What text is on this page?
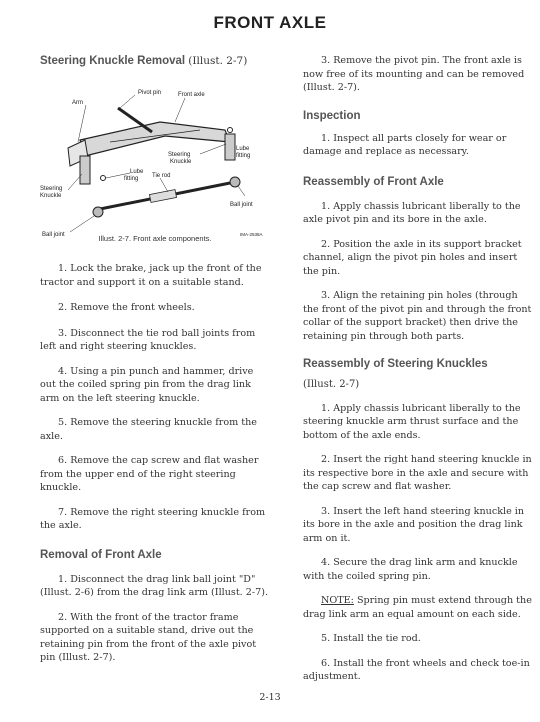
FRONT AXLE
Steering Knuckle Removal (Illust. 2-7)
Pivot pin	Front axle
Arm
Lube
fitting
Steering
Knuckle
Lube
fitting Tie rod
Steering
Knuckle
Ball joint
Ball joint	IMA-2538A
Illust. 2-7. Front axle components.

1. Lock the brake, jack up the front of the tractor and support it on a suitable stand.

2. Remove the front wheels.

3. Disconnect the tie rod ball joints from left and right steering knuckles.

4. Using a pin punch and hammer, drive out the coiled spring pin from the drag link arm on the left steering knuckle.

5. Remove the steering knuckle from the axle.

6. Remove the cap screw and flat washer from the upper end of the right steering knuckle.

7. Remove the right steering knuckle from the axle.

Removal of Front Axle

1. Disconnect the drag link ball joint "D" (Illust. 2-6) from the drag link arm (Illust. 2-7).

2. With the front of the tractor frame supported on a suitable stand, drive out the retaining pin from the front of the axle pivot pin (Illust. 2-7).

3. Remove the pivot pin. The front axle is now free of its mounting and can be removed (Illust. 2-7).

Inspection

1. Inspect all parts closely for wear or damage and replace as necessary.

Reassembly of Front Axle

1. Apply chassis lubricant liberally to the axle pivot pin and its bore in the axle.

2. Position the axle in its support bracket channel, align the pivot pin holes and insert the pin.

3. Align the retaining pin holes (through the front of the pivot pin and through the front collar of the support bracket) then drive the retaining pin through both parts.

Reassembly of Steering Knuckles

(Illust. 2-7)

1. Apply chassis lubricant liberally to the steering knuckle arm thrust surface and the bottom of the axle ends.

2. Insert the right hand steering knuckle in its respective bore in the axle and secure with the cap screw and flat washer.

3. Insert the left hand steering knuckle in its bore in the axle and position the drag link arm on it.

4. Secure the drag link arm and knuckle with the coiled spring pin.

NOTE: Spring pin must extend through the drag link arm an equal amount on each side.

5. Install the tie rod.

6. Install the front wheels and check toe-in adjustment.

2-13
